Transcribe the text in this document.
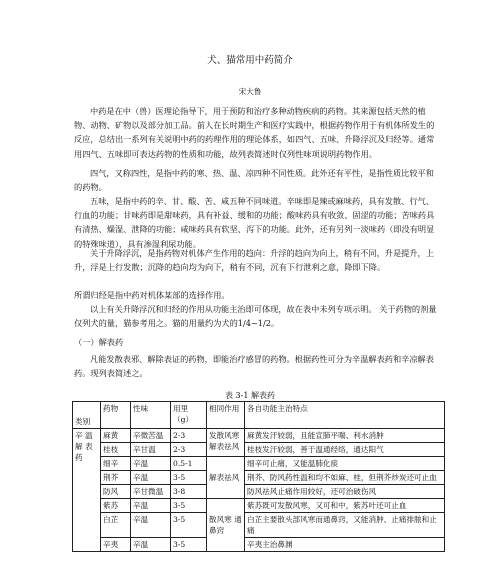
犬、猫常用中药简介
宋大鲁

中药是在中（兽）医理论指导下，用于预防和治疗多种动物疾病的药物。其来源包括天然的植物、动物、矿物以及部分加工品。前人在长时期生产和医疗实践中，根据药物作用于有机体所发生的反应，总结出一系列有关说明中药的药理作用的理论体系，如四气、五味、升降浮沉及归经等。通常用四气、五味即可表达药物的性质和功能，故列表简述时仅列性味项说明药物作用。

四气，又称四性，是指中药的寒、热、温、凉四种不同性质。此外还有平性，是指性质比较平和的药物。

五味，是指中药的辛、甘、酸、苦、咸五种不同味道。辛味即是辣或麻味药，具有发散、行气、行血的功能；甘味药即是甜味药，具有补益、缓和的功能；酸味药具有收敛、固涩的功能；苦味药具有清热、燥湿、泄降的功能；咸味药具有软坚、泻下的功能。此外，还有另列一淡味药（即没有明显的特殊味道），具有渗湿利尿功能。

关于升降浮沉，是指药物对机体产生作用的趋向：升浮的趋向为向上，稍有不同，升是提升，上升，浮是上行发散；沉降的趋向均为向下，稍有不同，沉有下行泄利之意，降即下降。

所谓归经是指中药对机体某部的选择作用。

以上有关升降浮沉和归经的作用从功能主治即可体现，故在表中未列专项示明。 关于药物的剂量仅列犬的量，猫参考用之。猫的用量约为犬的1/4~1/2。

（一）解表药

凡能发散表邪、解除表证的药物，即能治疗感冒的药物。根据药性可分为辛温解表药和辛凉解表药。现列表简述之。

表 3-1 解表药
类别	药物	性味	用里（g）	相同作用	各自功能主治特点
辛 温解 表药	麻黄	辛微苦温	2-3	发散风寒 解表祛风	麻黄发汗较弱，且能宣肺平喘、利水消肿
	桂枝	辛甘温	2-3		桂枝发汗较弱，善于温通经络，通达阳气
	细辛	辛温	0.5-1	解表祛风	细辛可止痛，又能温肺化痰
	荆芥	辛温	3-5		荆芥、防风药性温和均不如麻、桂，但荆芥炒炭还可止血
	防风	辛甘微温	3-8		防风祛风止痛作用较好，还可治破伤风
	紫苏	辛温	3-5	散风寒 通鼻窍	紫苏既可发散风寒，又可和中，紫苏叶还可止血
	白芷	辛温	3-5		白芷主要散头部风寒而通鼻窍，又能消肿、止痛排脓和止痛
	辛夷	辛温	3-5		辛夷主治鼻渊
